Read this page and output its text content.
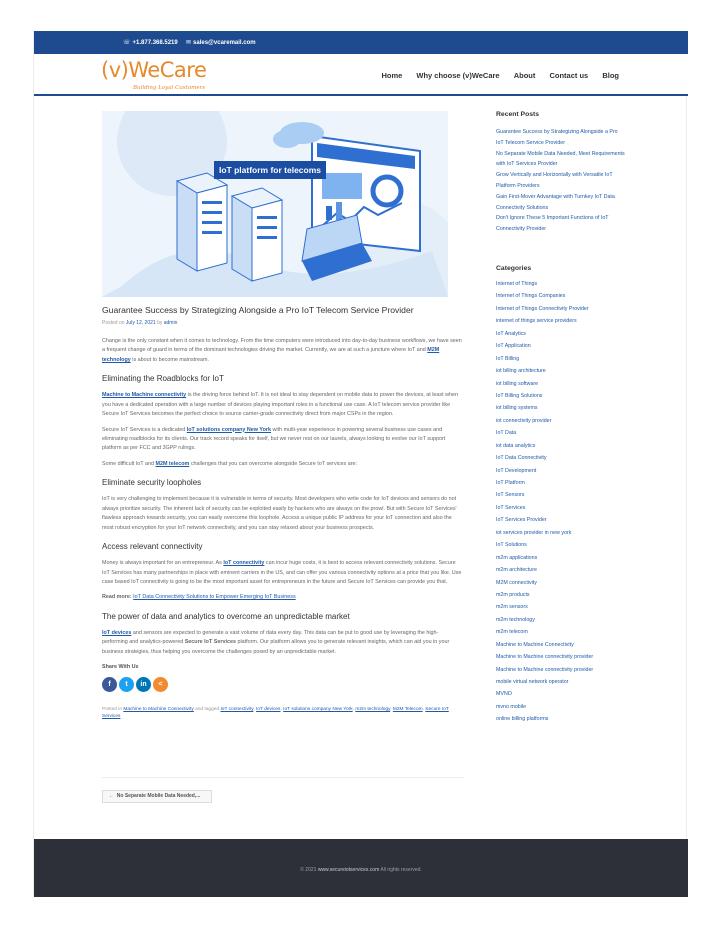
☏ +1.877.368.5219 ✉ sales@vcaremail.com
(v)WeCare
Building Loyal Customers
Home Why choose (v)WeCare About Contact us Blog
IoT platform for telecoms
Guarantee Success by Strategizing Alongside a Pro IoT Telecom Service Provider
Posted on July 12, 2021 by admin

Change is the only constant when it comes to technology. From the time computers were introduced into day-to-day business workflows, we have seen a frequent change of guard in terms of the dominant technologies driving the market. Currently, we are at such a juncture where IoT and M2M technology is about to become mainstream.

Eliminating the Roadblocks for IoT

Machine to Machine connectivity is the driving force behind IoT. It is not ideal to stay dependent on mobile data to power the devices, at least when you have a dedicated operation with a large number of devices playing important roles in a functional use case. A IoT telecom service provider like Secure IoT Services becomes the perfect choice to source carrier-grade connectivity direct from major CSPs in the region.

Secure IoT Services is a dedicated IoT solutions company New York with multi-year experience in powering several business use cases and eliminating roadblocks for its clients. Our track record speaks for itself, but we never rest on our laurels, always looking to evolve our IoT support platform as per FCC and 3GPP rulings.

Some difficult IoT and M2M telecom challenges that you can overcome alongside Secure IoT services are:

Eliminate security loopholes

IoT is very challenging to implement because it is vulnerable in terms of security. Most developers who write code for IoT devices and sensors do not always prioritize security. The inherent lack of security can be exploited easily by hackers who are always on the prowl. But with Secure IoT Services' flawless approach towards security, you can easily overcome this loophole. Access a unique public IP address for your IoT connection and also the most robust encryption for your IoT network connectivity, and you can stay relaxed about your business prospects.

Access relevant connectivity

Money is always important for an entrepreneur. As IoT connectivity can incur huge costs, it is best to access relevant connectivity solutions. Secure IoT Services has many partnerships in place with eminent carriers in the US, and can offer you various connectivity options at a price that you like. Use case based IoT connectivity is going to be the most important asset for entrepreneurs in the future and Secure IoT Services can provide you that.

Read more: IoT Data Connectivity Solutions to Empower Emerging IoT Business

The power of data and analytics to overcome an unpredictable market

IoT devices and sensors are expected to generate a vast volume of data every day. This data can be put to good use by leveraging the high-performing and analytics-powered Secure IoT Services platform. Our platform allows you to generate relevant insights, which can aid you in your business strategies, thus helping you overcome the challenges posed by an unpredictable market.

Share With Us
f	t	in	<
Posted in Machine to Machine Connectivity and tagged IoT connectivity, IoT devices, IoT solutions company New York, m2m technology, M2M Telecom, Secure IoT Services
← No Separate Mobile Data Needed,...
Recent Posts
Guarantee Success by Strategizing Alongside a Pro IoT Telecom Service Provider
No Separate Mobile Data Needed, Meet Requirements with IoT Services Provider
Grow Vertically and Horizontally with Versatile IoT Platform Providers
Gain First-Mover Advantage with Turnkey IoT Data Connectivity Solutions
Don't Ignore These 5 Important Functions of IoT Connectivity Provider
Categories
Internet of Things
Internet of Things Companies
Internet of Things Connectivity Provider
internet of things service providers
IoT Analytics
IoT Application
IoT Billing
iot billing architecture
iot billing software
IoT Billing Solutions
iot billing systems
iot connectivity provider
IoT Data
iot data analytics
IoT Data Connectivity
IoT Development
IoT Platform
IoT Sensors
IoT Services
IoT Services Provider
iot services provider in new york
IoT Solutions
m2m applications
m2m architecture
M2M connectivity
m2m products
m2m sensors
m2m technology
m2m telecom
Machine to Machine Connectivity
Machine to Machine connectivity provider
Machine to Machine connectivity provider
mobile virtual network operator
MVNO
mvno mobile
online billing platforms
© 2021 www.secureiotservices.com All rights reserved.
